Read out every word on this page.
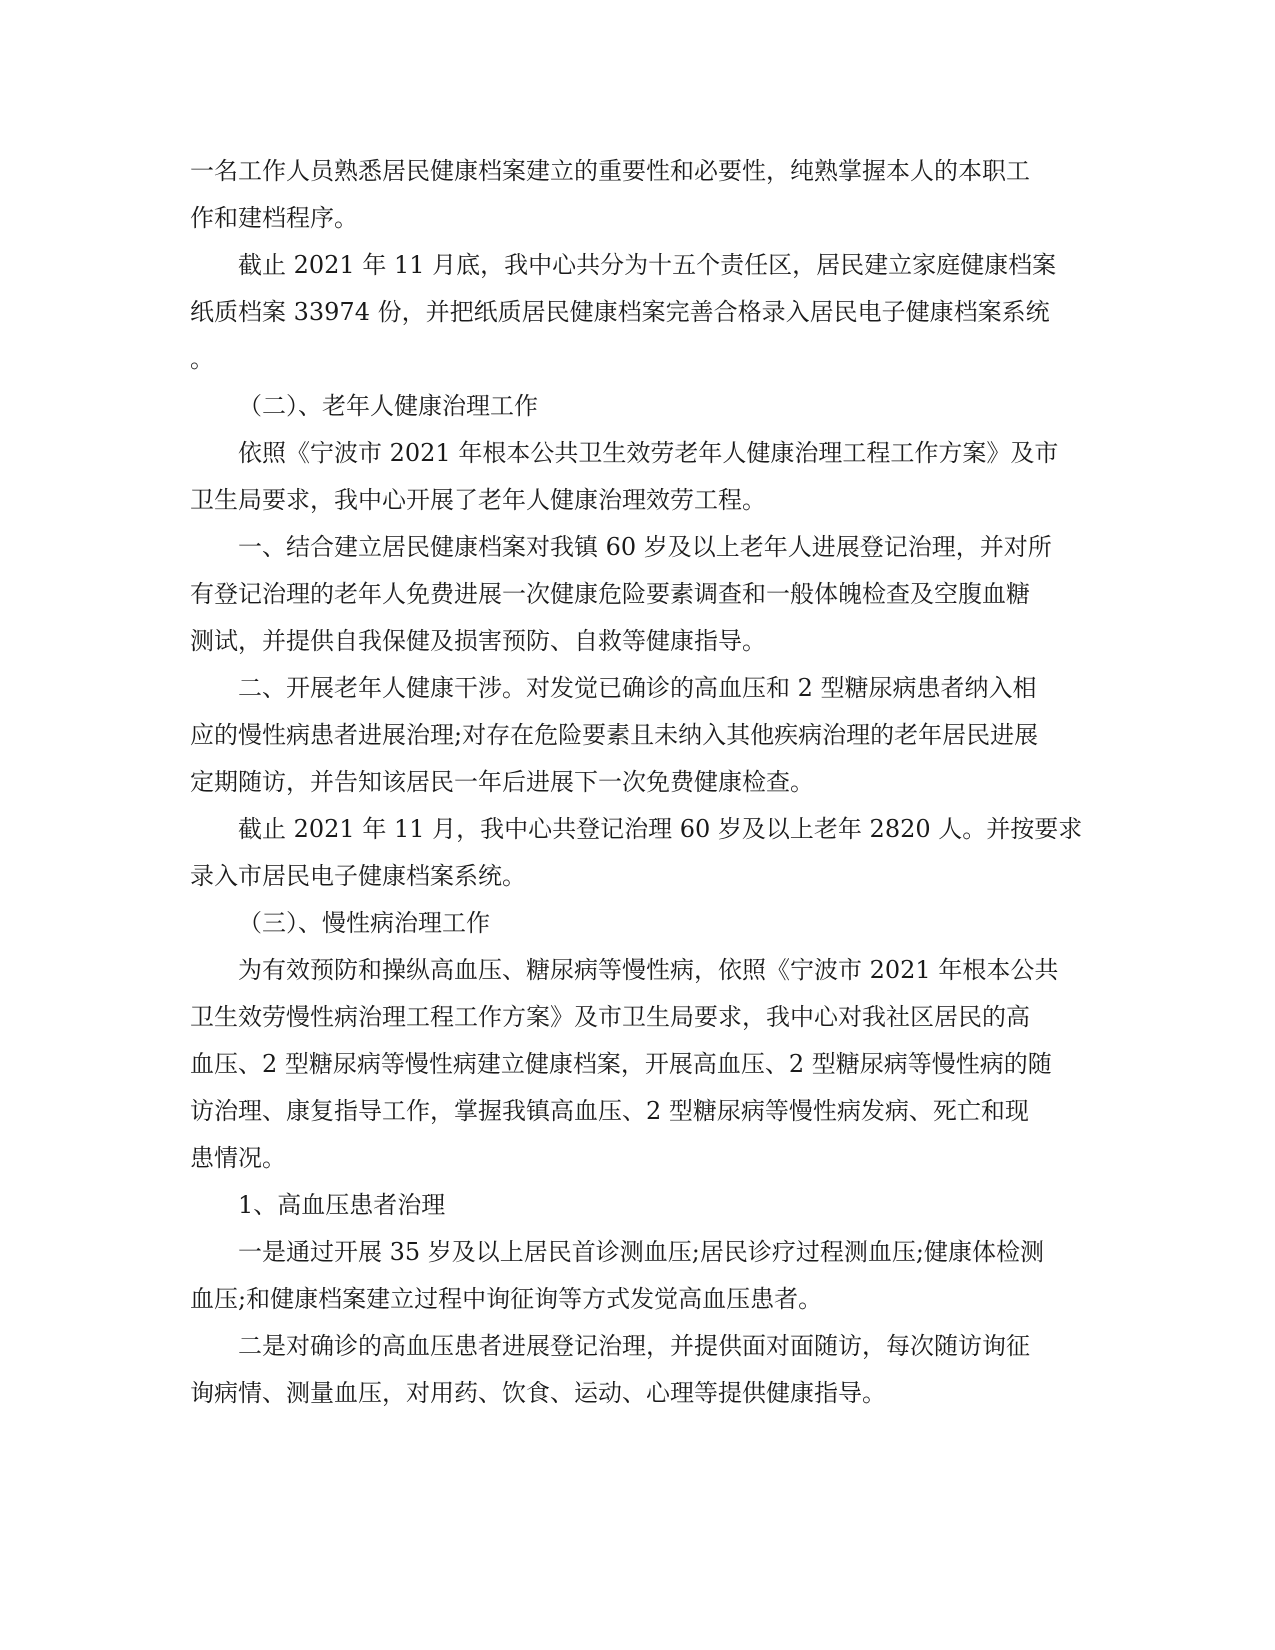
一名工作人员熟悉居民健康档案建立的重要性和必要性，纯熟掌握本人的本职工
作和建档程序。
截止 2021 年 11 月底，我中心共分为十五个责任区，居民建立家庭健康档案
纸质档案 33974 份，并把纸质居民健康档案完善合格录入居民电子健康档案系统
。
（二）、老年人健康治理工作
依照《宁波市 2021 年根本公共卫生效劳老年人健康治理工程工作方案》及市
卫生局要求，我中心开展了老年人健康治理效劳工程。
一、结合建立居民健康档案对我镇 60 岁及以上老年人进展登记治理，并对所
有登记治理的老年人免费进展一次健康危险要素调查和一般体魄检查及空腹血糖
测试，并提供自我保健及损害预防、自救等健康指导。
二、开展老年人健康干涉。对发觉已确诊的高血压和 2 型糖尿病患者纳入相
应的慢性病患者进展治理;对存在危险要素且未纳入其他疾病治理的老年居民进展
定期随访，并告知该居民一年后进展下一次免费健康检查。
截止 2021 年 11 月，我中心共登记治理 60 岁及以上老年 2820 人。并按要求
录入市居民电子健康档案系统。
（三）、慢性病治理工作
为有效预防和操纵高血压、糖尿病等慢性病，依照《宁波市 2021 年根本公共
卫生效劳慢性病治理工程工作方案》及市卫生局要求，我中心对我社区居民的高
血压、2 型糖尿病等慢性病建立健康档案，开展高血压、2 型糖尿病等慢性病的随
访治理、康复指导工作，掌握我镇高血压、2 型糖尿病等慢性病发病、死亡和现
患情况。
1、高血压患者治理
一是通过开展 35 岁及以上居民首诊测血压;居民诊疗过程测血压;健康体检测
血压;和健康档案建立过程中询征询等方式发觉高血压患者。
二是对确诊的高血压患者进展登记治理，并提供面对面随访，每次随访询征
询病情、测量血压，对用药、饮食、运动、心理等提供健康指导。
